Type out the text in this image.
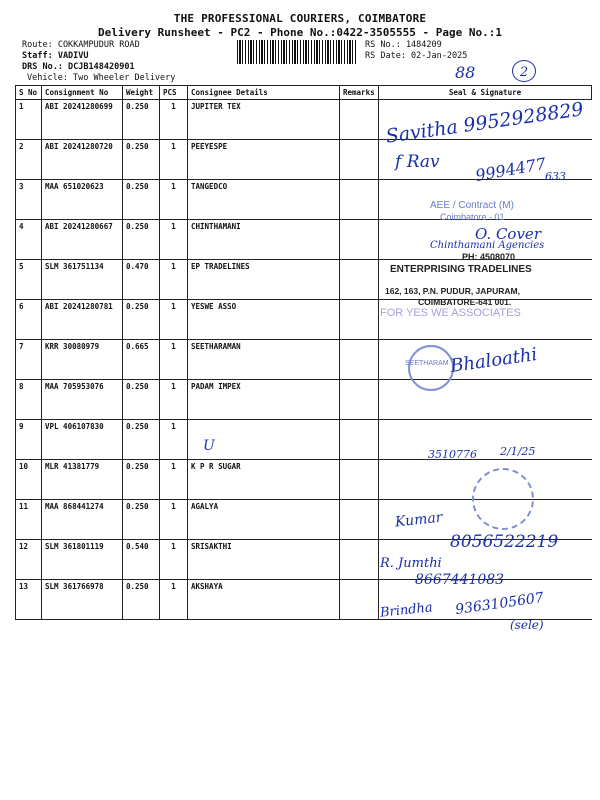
THE PROFESSIONAL COURIERS, COIMBATORE
Delivery Runsheet - PC2 - Phone No.:0422-3505555 - Page No.:1
Route: COKKAMPUDUR ROAD
Staff: VADIVU
DRS No.: DCJB148420901
Vehicle: Two Wheeler Delivery
RS No.: 1484209
RS Date: 02-Jan-2025
88	2
S No	Consignment No	Weight	PCS	Consignee Details	Remarks	Seal & Signature
1	ABI 20241280699	0.250	1	JUPITER TEX		
2	ABI 20241280720	0.250	1	PEEYESPE		
3	MAA 651020623	0.250	1	TANGEDCO		
4	ABI 20241280667	0.250	1	CHINTHAMANI		
5	SLM 361751134	0.470	1	EP TRADELINES		
6	ABI 20241280781	0.250	1	YESWE ASSO		
7	KRR 30080979	0.665	1	SEETHARAMAN		
8	MAA 705953076	0.250	1	PADAM IMPEX		
9	VPL 406107830	0.250	1			
10	MLR 41381779	0.250	1	K P R SUGAR		
11	MAA 868441274	0.250	1	AGALYA		
12	SLM 361801119	0.540	1	SRISAKTHI		
13	SLM 361766978	0.250	1	AKSHAYA		
Savitha 9952928829
f Rav 9994477
633
AEE / Contract (M)
Coimbatore - 01
O. Cover
Chinthamani Agencies
PH: 4508070
ENTERPRISING TRADELINES
162, 163, P.N. PUDUR, JAPURAM,
COIMBATORE-641 001.
FOR YES WE ASSOCIATES
SEETHARAM Bhaloathi
U
3510776 2/1/25
Kumar
8056522219
R. Jumthi
8667441083
Brindha 9363105607
(sele)
